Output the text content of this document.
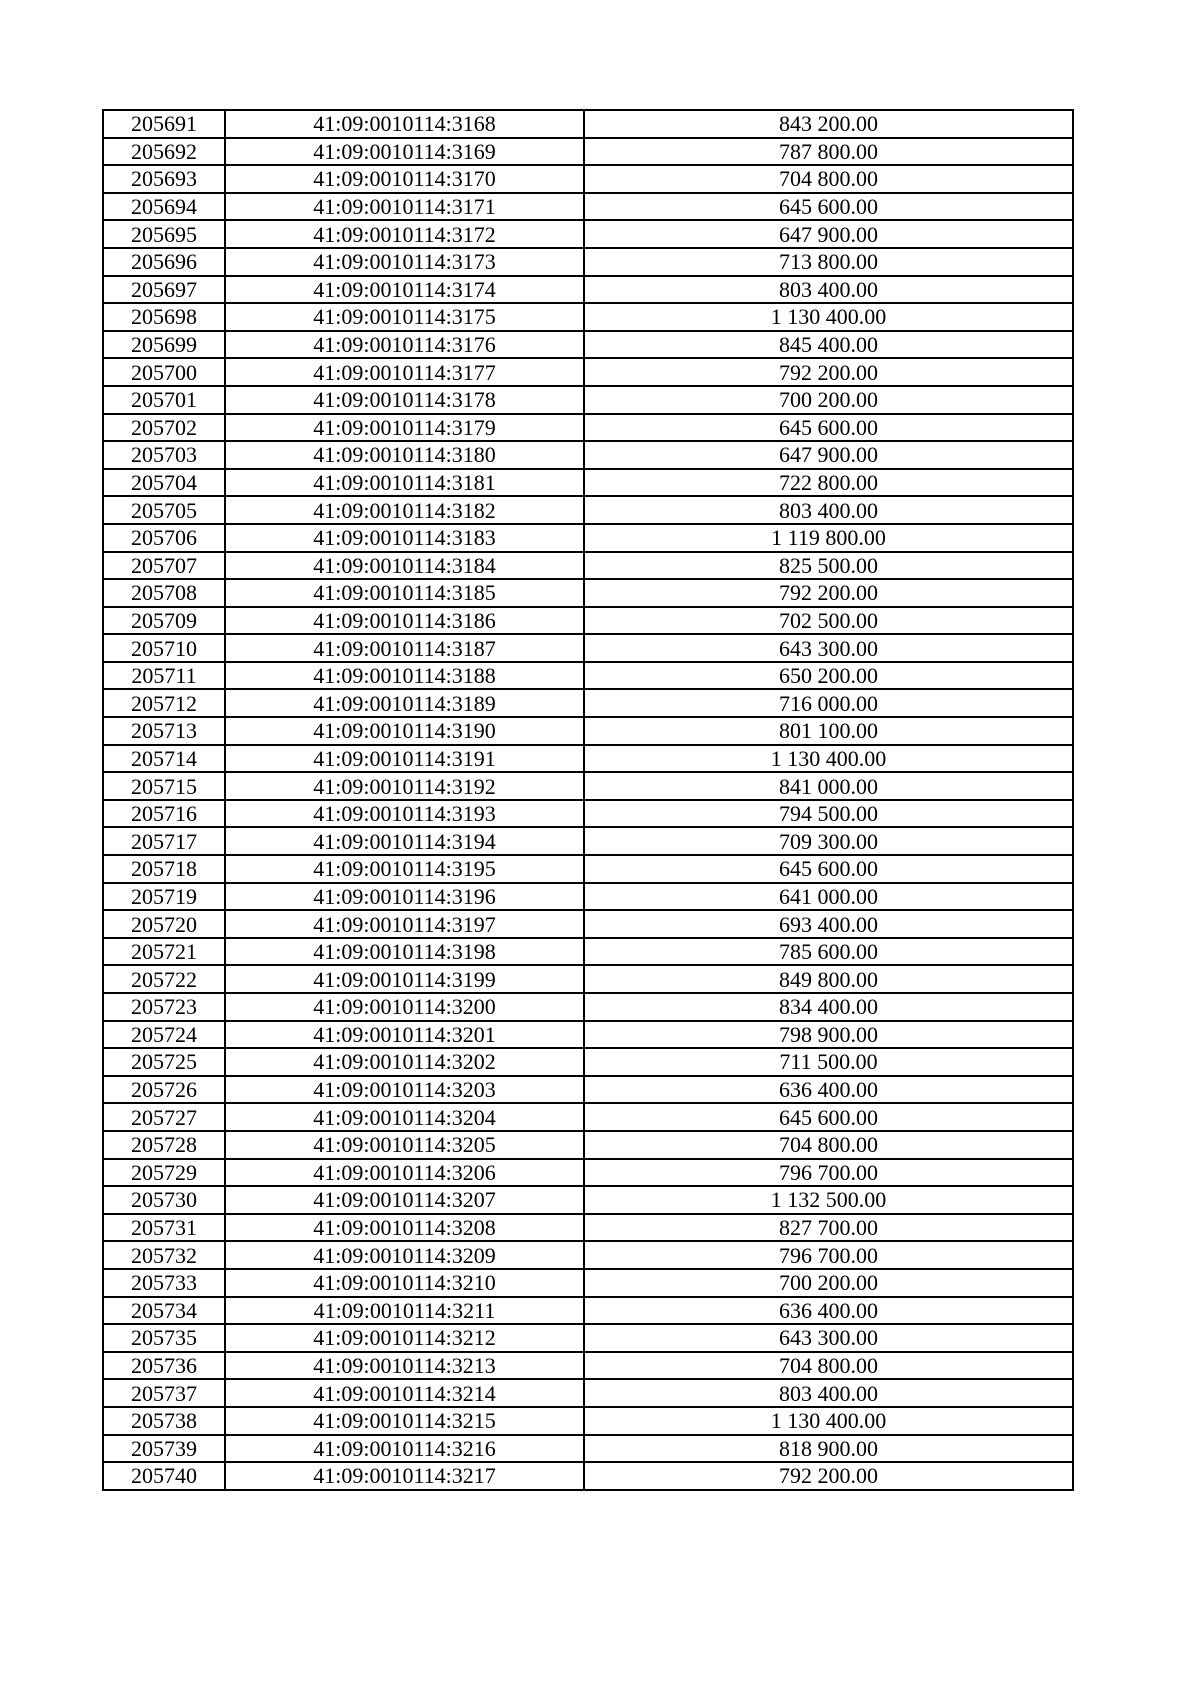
205691	41:09:0010114:3168	843 200.00
205692	41:09:0010114:3169	787 800.00
205693	41:09:0010114:3170	704 800.00
205694	41:09:0010114:3171	645 600.00
205695	41:09:0010114:3172	647 900.00
205696	41:09:0010114:3173	713 800.00
205697	41:09:0010114:3174	803 400.00
205698	41:09:0010114:3175	1 130 400.00
205699	41:09:0010114:3176	845 400.00
205700	41:09:0010114:3177	792 200.00
205701	41:09:0010114:3178	700 200.00
205702	41:09:0010114:3179	645 600.00
205703	41:09:0010114:3180	647 900.00
205704	41:09:0010114:3181	722 800.00
205705	41:09:0010114:3182	803 400.00
205706	41:09:0010114:3183	1 119 800.00
205707	41:09:0010114:3184	825 500.00
205708	41:09:0010114:3185	792 200.00
205709	41:09:0010114:3186	702 500.00
205710	41:09:0010114:3187	643 300.00
205711	41:09:0010114:3188	650 200.00
205712	41:09:0010114:3189	716 000.00
205713	41:09:0010114:3190	801 100.00
205714	41:09:0010114:3191	1 130 400.00
205715	41:09:0010114:3192	841 000.00
205716	41:09:0010114:3193	794 500.00
205717	41:09:0010114:3194	709 300.00
205718	41:09:0010114:3195	645 600.00
205719	41:09:0010114:3196	641 000.00
205720	41:09:0010114:3197	693 400.00
205721	41:09:0010114:3198	785 600.00
205722	41:09:0010114:3199	849 800.00
205723	41:09:0010114:3200	834 400.00
205724	41:09:0010114:3201	798 900.00
205725	41:09:0010114:3202	711 500.00
205726	41:09:0010114:3203	636 400.00
205727	41:09:0010114:3204	645 600.00
205728	41:09:0010114:3205	704 800.00
205729	41:09:0010114:3206	796 700.00
205730	41:09:0010114:3207	1 132 500.00
205731	41:09:0010114:3208	827 700.00
205732	41:09:0010114:3209	796 700.00
205733	41:09:0010114:3210	700 200.00
205734	41:09:0010114:3211	636 400.00
205735	41:09:0010114:3212	643 300.00
205736	41:09:0010114:3213	704 800.00
205737	41:09:0010114:3214	803 400.00
205738	41:09:0010114:3215	1 130 400.00
205739	41:09:0010114:3216	818 900.00
205740	41:09:0010114:3217	792 200.00
